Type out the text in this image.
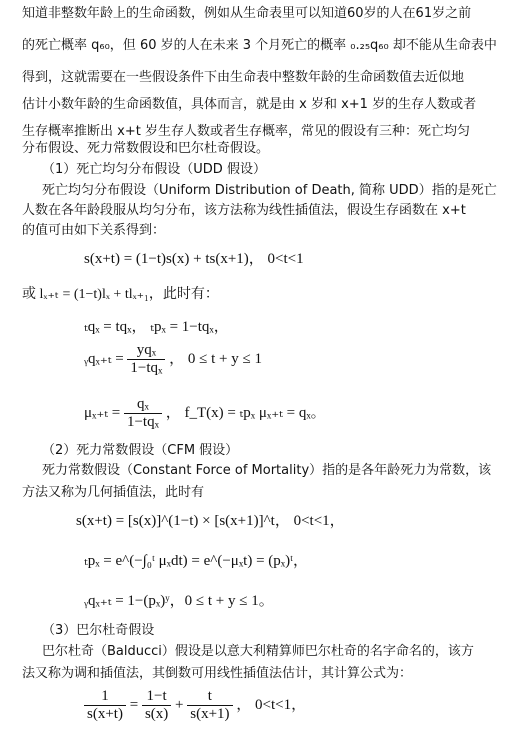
知道非整数年龄上的生命函数，例如从生命表里可以知道60岁的人在61岁之前
的死亡概率 q₆₀，但 60 岁的人在未来 3 个月死亡的概率 ₀.₂₅q₆₀ 却不能从生命表中
得到，这就需要在一些假设条件下由生命表中整数年龄的生命函数值去近似地
估计小数年龄的生命函数值，具体而言，就是由 x 岁和 x+1 岁的生存人数或者
生存概率推断出 x+t 岁生存人数或者生存概率，常见的假设有三种：死亡均匀
分布假设、死力常数假设和巴尔杜奇假设。
（1）死亡均匀分布假设（UDD 假设）
死亡均匀分布假设（Uniform Distribution of Death, 简称 UDD）指的是死亡
人数在各年龄段服从均匀分布，该方法称为线性插值法，假设生存函数在 x+t
的值可由如下关系得到：
s(x+t) = (1−t)s(x) + ts(x+1)， 0<t<1
或 lₓ₊ₜ = (1−t)lₓ + tlₓ₊₁，此时有：
ₜqₓ = tqₓ， ₜpₓ = 1−tqₓ，
ᵧqₓ₊ₜ = $\frac{\text{yqₓ}}{\text{1−tqₓ}}$ ， 0 ≤ t + y ≤ 1
$\mu_{x+t} = \frac{\text{qₓ}}{\text{1−tqₓ}}$ ， f_T(x) = ₜpₓ μₓ₊ₜ = qₓ。
（2）死力常数假设（CFM 假设）
死力常数假设（Constant Force of Mortality）指的是各年龄死力为常数，该
方法又称为几何插值法，此时有
s(x+t) = [s(x)]^(1−t) × [s(x+1)]^t， 0<t<1，
ₜpₓ = e^(−∫₀ᵗ μₓdt) = e^(−μₓt) = (pₓ)ᵗ，
ᵧqₓ₊ₜ = 1−(pₓ)ʸ，0 ≤ t + y ≤ 1。
（3）巴尔杜奇假设
巴尔杜奇（Balducci）假设是以意大利精算师巴尔杜奇的名字命名的，该方
法又称为调和插值法，其倒数可用线性插值法估计，其计算公式为：
$\frac{1}{s(x+t)} = \frac{1-t}{s(x)} + \frac{t}{s(x+1)}$ ， 0<t<1，
